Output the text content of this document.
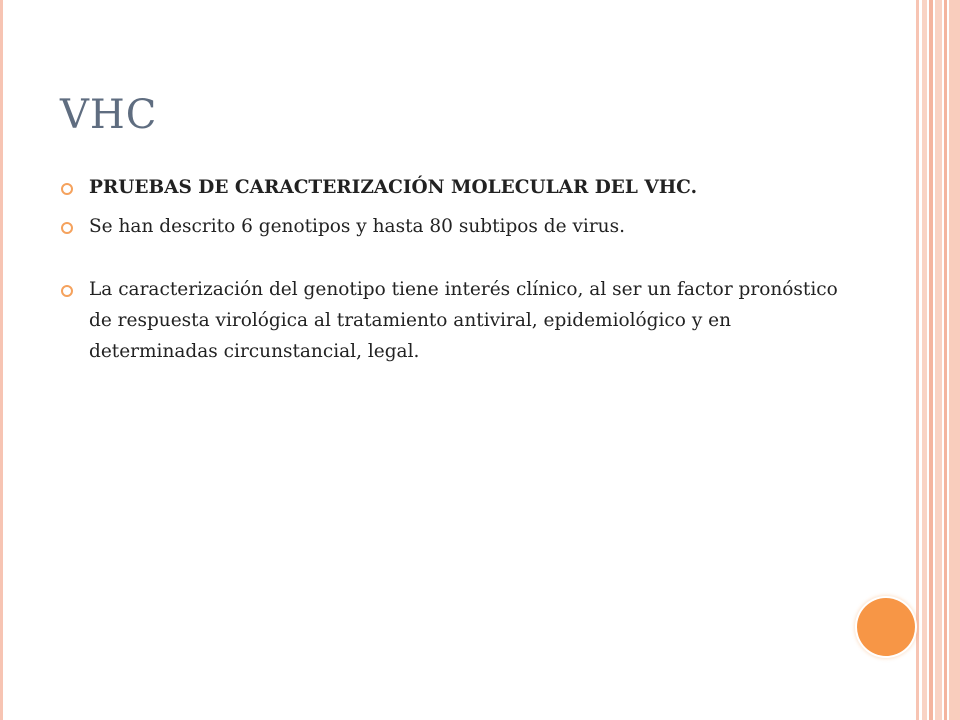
VHC
PRUEBAS DE CARACTERIZACIÓN MOLECULAR DEL VHC.
Se han descrito 6 genotipos y hasta 80 subtipos de virus.
La caracterización del genotipo tiene interés clínico, al ser un factor pronóstico de respuesta virológica al tratamiento antiviral, epidemiológico y en determinadas circunstancial, legal.
